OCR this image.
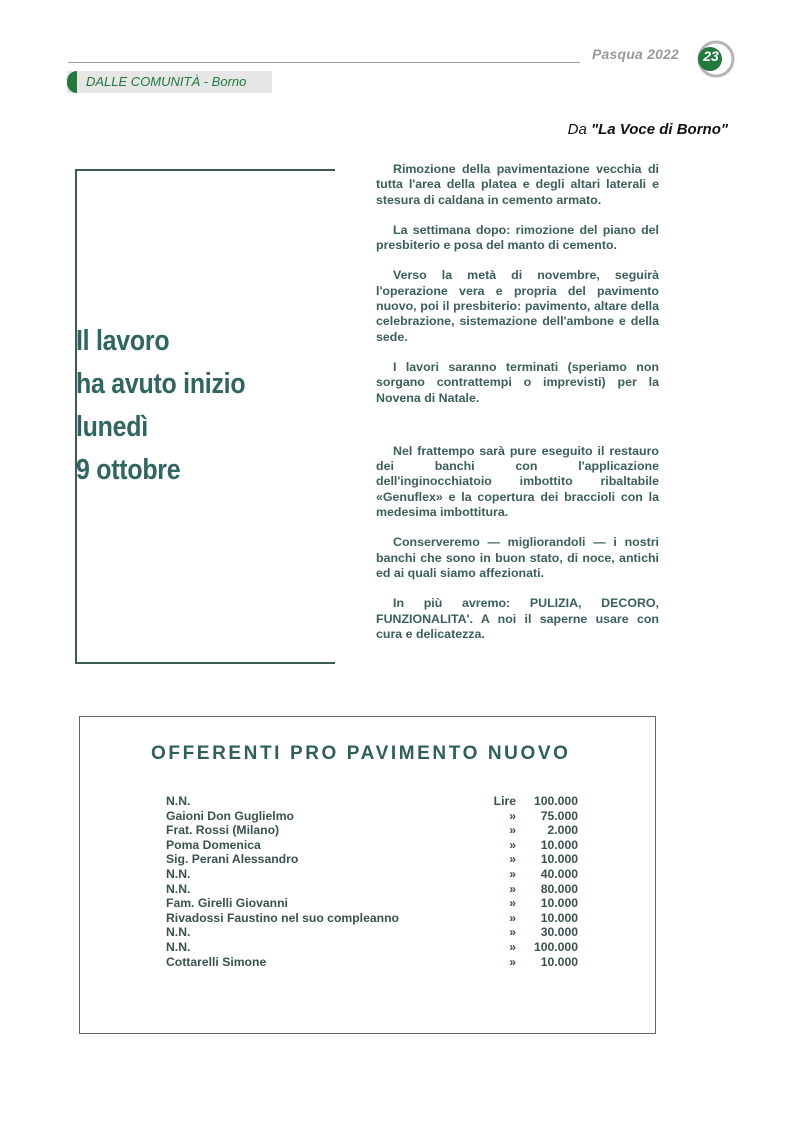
Pasqua 2022 23
DALLE COMUNITÀ - Borno
Da "La Voce di Borno"
Il lavoro
ha avuto inizio
lunedì
9 ottobre

Rimozione della pavimentazione vecchia di tutta l'area della platea e degli altari laterali e stesura di caldana in cemento armato.

La settimana dopo: rimozione del piano del presbiterio e posa del manto di cemento.

Verso la metà di novembre, seguirà l'operazione vera e propria del pavimento nuovo, poi il presbiterio: pavimento, altare della celebrazione, sistemazione dell'ambone e della sede.

I lavori saranno terminati (speriamo non sorgano contrattempi o imprevisti) per la Novena di Natale.

Nel frattempo sarà pure eseguito il restauro dei banchi con l'applicazione dell'inginocchiatoio imbottito ribaltabile «Genuflex» e la copertura dei braccioli con la medesima imbottitura.

Conserveremo — migliorandoli — i nostri banchi che sono in buon stato, di noce, antichi ed ai quali siamo affezionati.

In più avremo: PULIZIA, DECORO, FUNZIONALITA'. A noi il saperne usare con cura e delicatezza.

OFFERENTI PRO PAVIMENTO NUOVO
N.N.	Lire	100.000
Gaioni Don Guglielmo	»	75.000
Frat. Rossi (Milano)	»	2.000
Poma Domenica	»	10.000
Sig. Perani Alessandro	»	10.000
N.N.	»	40.000
N.N.	»	80.000
Fam. Girelli Giovanni	»	10.000
Rivadossi Faustino nel suo compleanno	»	10.000
N.N.	»	30.000
N.N.	»	100.000
Cottarelli Simone	»	10.000
